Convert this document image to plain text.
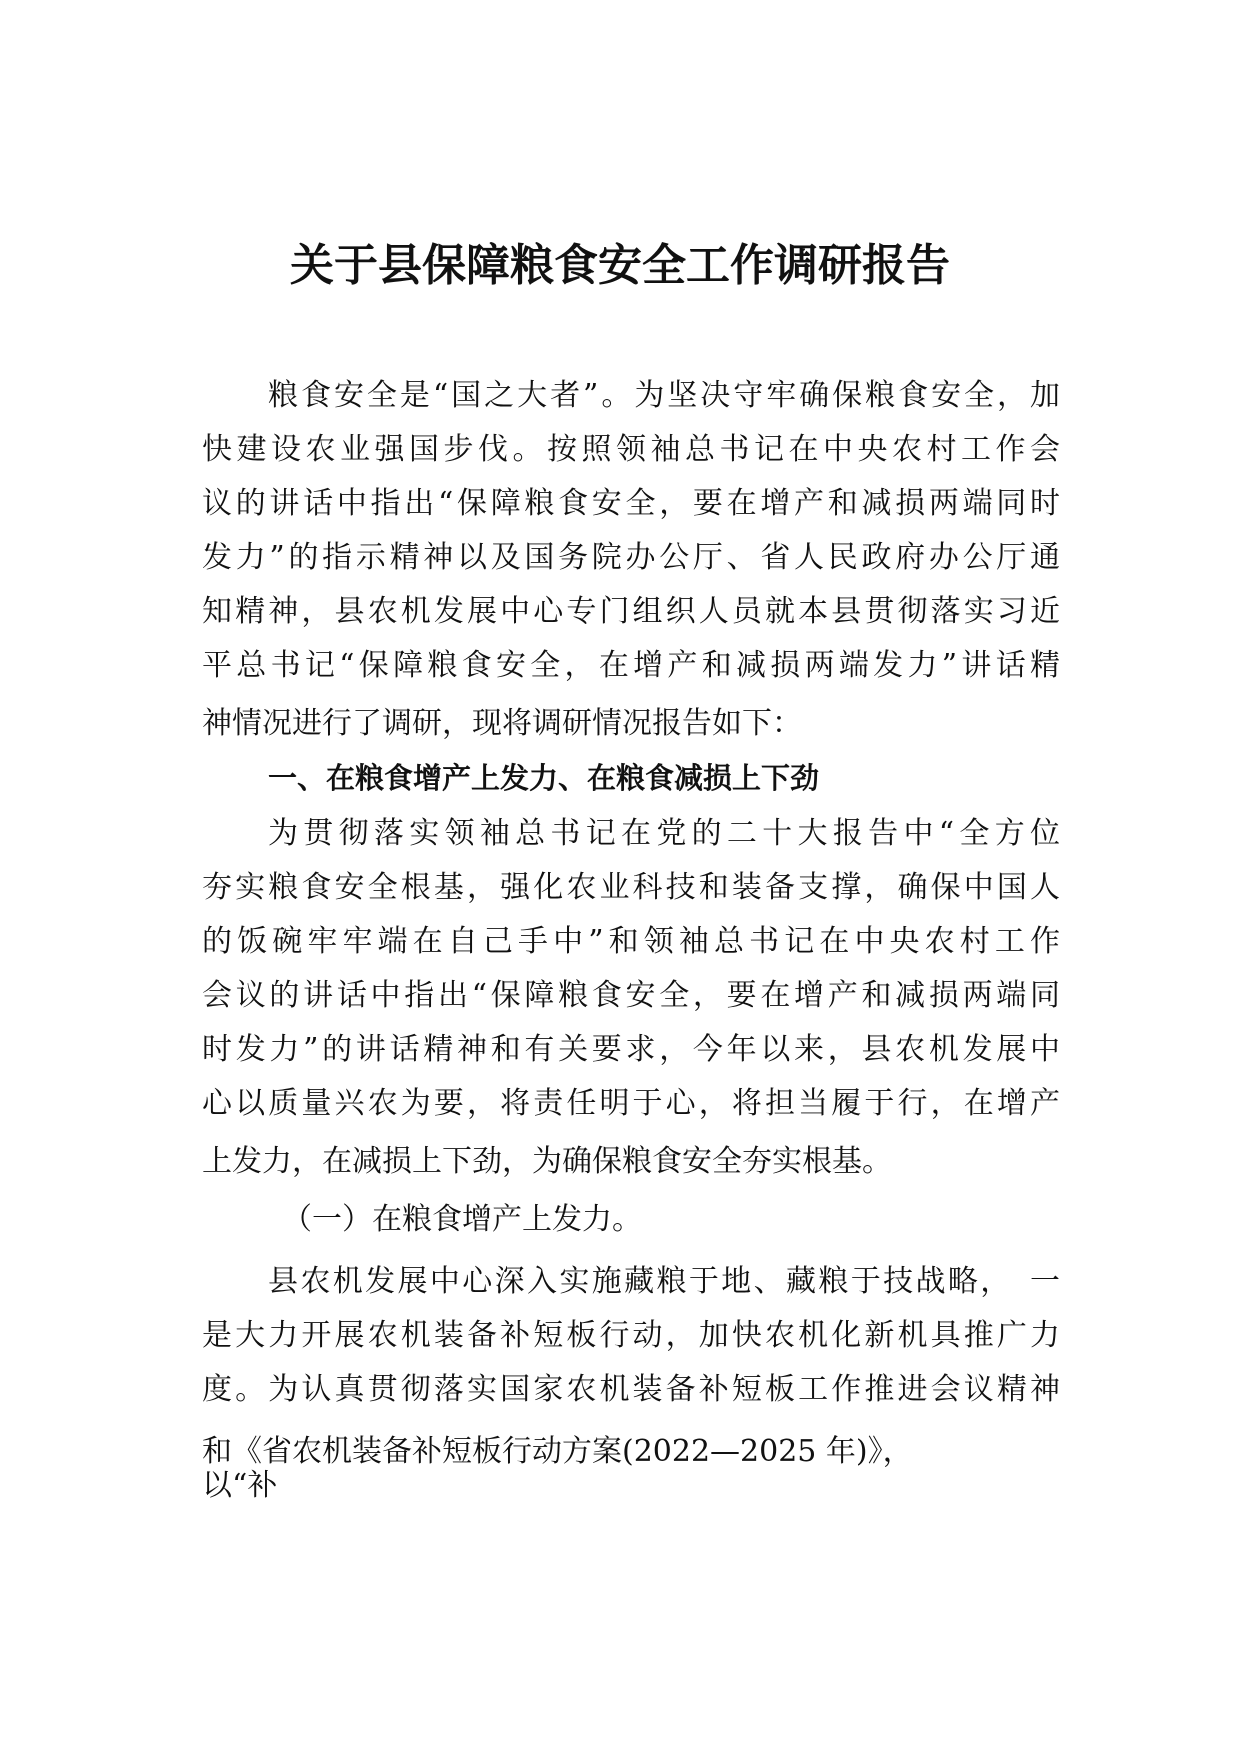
关于县保障粮食安全工作调研报告
粮食安全是“国之大者”。为坚决守牢确保粮食安全，加
快建设农业强国步伐。按照领袖总书记在中央农村工作会
议的讲话中指出“保障粮食安全，要在增产和减损两端同时
发力”的指示精神以及国务院办公厅、省人民政府办公厅通
知精神，县农机发展中心专门组织人员就本县贯彻落实习近
平总书记“保障粮食安全，在增产和减损两端发力”讲话精
神情况进行了调研，现将调研情况报告如下：
一、在粮食增产上发力、在粮食减损上下劲
为贯彻落实领袖总书记在党的二十大报告中“全方位
夯实粮食安全根基，强化农业科技和装备支撑，确保中国人
的饭碗牢牢端在自己手中”和领袖总书记在中央农村工作
会议的讲话中指出“保障粮食安全，要在增产和减损两端同
时发力”的讲话精神和有关要求，今年以来，县农机发展中
心以质量兴农为要，将责任明于心，将担当履于行，在增产
上发力，在减损上下劲，为确保粮食安全夯实根基。
（一）在粮食增产上发力。
县农机发展中心深入实施藏粮于地、藏粮于技战略，　一
是大力开展农机装备补短板行动，加快农机化新机具推广力
度。为认真贯彻落实国家农机装备补短板工作推进会议精神
和《省农机装备补短板行动方案(2022—2025 年)》，
以“补
